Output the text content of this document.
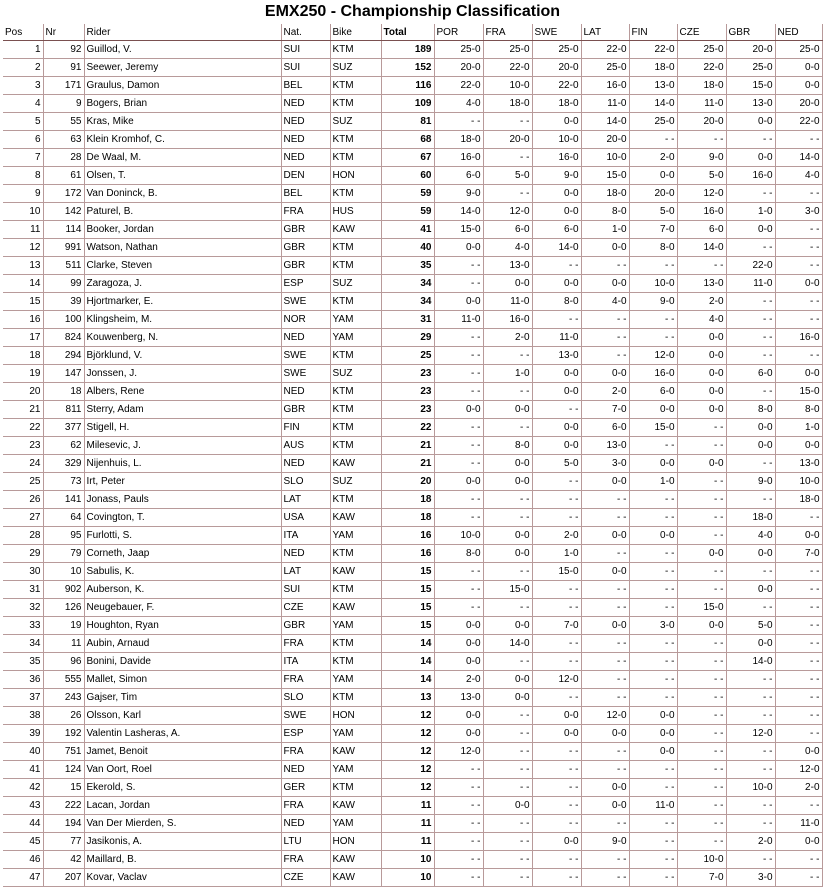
EMX250 - Championship Classification
Pos	Nr	Rider	Nat.	Bike	Total	POR	FRA	SWE	LAT	FIN	CZE	GBR	NED
1	92	Guillod, V.	SUI	KTM	189	25-0	25-0	25-0	22-0	22-0	25-0	20-0	25-0
2	91	Seewer, Jeremy	SUI	SUZ	152	20-0	22-0	20-0	25-0	18-0	22-0	25-0	0-0
3	171	Graulus, Damon	BEL	KTM	116	22-0	10-0	22-0	16-0	13-0	18-0	15-0	0-0
4	9	Bogers, Brian	NED	KTM	109	4-0	18-0	18-0	11-0	14-0	11-0	13-0	20-0
5	55	Kras, Mike	NED	SUZ	81	- -	- -	0-0	14-0	25-0	20-0	0-0	22-0
6	63	Klein Kromhof, C.	NED	KTM	68	18-0	20-0	10-0	20-0	- -	- -	- -	- -
7	28	De Waal, M.	NED	KTM	67	16-0	- -	16-0	10-0	2-0	9-0	0-0	14-0
8	61	Olsen, T.	DEN	HON	60	6-0	5-0	9-0	15-0	0-0	5-0	16-0	4-0
9	172	Van Doninck, B.	BEL	KTM	59	9-0	- -	0-0	18-0	20-0	12-0	- -	- -
10	142	Paturel, B.	FRA	HUS	59	14-0	12-0	0-0	8-0	5-0	16-0	1-0	3-0
11	114	Booker, Jordan	GBR	KAW	41	15-0	6-0	6-0	1-0	7-0	6-0	0-0	- -
12	991	Watson, Nathan	GBR	KTM	40	0-0	4-0	14-0	0-0	8-0	14-0	- -	- -
13	511	Clarke, Steven	GBR	KTM	35	- -	13-0	- -	- -	- -	- -	22-0	- -
14	99	Zaragoza, J.	ESP	SUZ	34	- -	0-0	0-0	0-0	10-0	13-0	11-0	0-0
15	39	Hjortmarker, E.	SWE	KTM	34	0-0	11-0	8-0	4-0	9-0	2-0	- -	- -
16	100	Klingsheim, M.	NOR	YAM	31	11-0	16-0	- -	- -	- -	4-0	- -	- -
17	824	Kouwenberg, N.	NED	YAM	29	- -	2-0	11-0	- -	- -	0-0	- -	16-0
18	294	Björklund, V.	SWE	KTM	25	- -	- -	13-0	- -	12-0	0-0	- -	- -
19	147	Jonssen, J.	SWE	SUZ	23	- -	1-0	0-0	0-0	16-0	0-0	6-0	0-0
20	18	Albers, Rene	NED	KTM	23	- -	- -	0-0	2-0	6-0	0-0	- -	15-0
21	811	Sterry, Adam	GBR	KTM	23	0-0	0-0	- -	7-0	0-0	0-0	8-0	8-0
22	377	Stigell, H.	FIN	KTM	22	- -	- -	0-0	6-0	15-0	- -	0-0	1-0
23	62	Milesevic, J.	AUS	KTM	21	- -	8-0	0-0	13-0	- -	- -	0-0	0-0
24	329	Nijenhuis, L.	NED	KAW	21	- -	0-0	5-0	3-0	0-0	0-0	- -	13-0
25	73	Irt, Peter	SLO	SUZ	20	0-0	0-0	- -	0-0	1-0	- -	9-0	10-0
26	141	Jonass, Pauls	LAT	KTM	18	- -	- -	- -	- -	- -	- -	- -	18-0
27	64	Covington, T.	USA	KAW	18	- -	- -	- -	- -	- -	- -	18-0	- -
28	95	Furlotti, S.	ITA	YAM	16	10-0	0-0	2-0	0-0	0-0	- -	4-0	0-0
29	79	Corneth, Jaap	NED	KTM	16	8-0	0-0	1-0	- -	- -	0-0	0-0	7-0
30	10	Sabulis, K.	LAT	KAW	15	- -	- -	15-0	0-0	- -	- -	- -	- -
31	902	Auberson, K.	SUI	KTM	15	- -	15-0	- -	- -	- -	- -	0-0	- -
32	126	Neugebauer, F.	CZE	KAW	15	- -	- -	- -	- -	- -	15-0	- -	- -
33	19	Houghton, Ryan	GBR	YAM	15	0-0	0-0	7-0	0-0	3-0	0-0	5-0	- -
34	11	Aubin, Arnaud	FRA	KTM	14	0-0	14-0	- -	- -	- -	- -	0-0	- -
35	96	Bonini, Davide	ITA	KTM	14	0-0	- -	- -	- -	- -	- -	14-0	- -
36	555	Mallet, Simon	FRA	YAM	14	2-0	0-0	12-0	- -	- -	- -	- -	- -
37	243	Gajser, Tim	SLO	KTM	13	13-0	0-0	- -	- -	- -	- -	- -	- -
38	26	Olsson, Karl	SWE	HON	12	0-0	- -	0-0	12-0	0-0	- -	- -	- -
39	192	Valentin Lasheras, A.	ESP	YAM	12	0-0	- -	0-0	0-0	0-0	- -	12-0	- -
40	751	Jamet, Benoit	FRA	KAW	12	12-0	- -	- -	- -	0-0	- -	- -	0-0
41	124	Van Oort, Roel	NED	YAM	12	- -	- -	- -	- -	- -	- -	- -	12-0
42	15	Ekerold, S.	GER	KTM	12	- -	- -	- -	0-0	- -	- -	10-0	2-0
43	222	Lacan, Jordan	FRA	KAW	11	- -	0-0	- -	0-0	11-0	- -	- -	- -
44	194	Van Der Mierden, S.	NED	YAM	11	- -	- -	- -	- -	- -	- -	- -	11-0
45	77	Jasikonis, A.	LTU	HON	11	- -	- -	0-0	9-0	- -	- -	2-0	0-0
46	42	Maillard, B.	FRA	KAW	10	- -	- -	- -	- -	- -	10-0	- -	- -
47	207	Kovar, Vaclav	CZE	KAW	10	- -	- -	- -	- -	- -	7-0	3-0	- -
